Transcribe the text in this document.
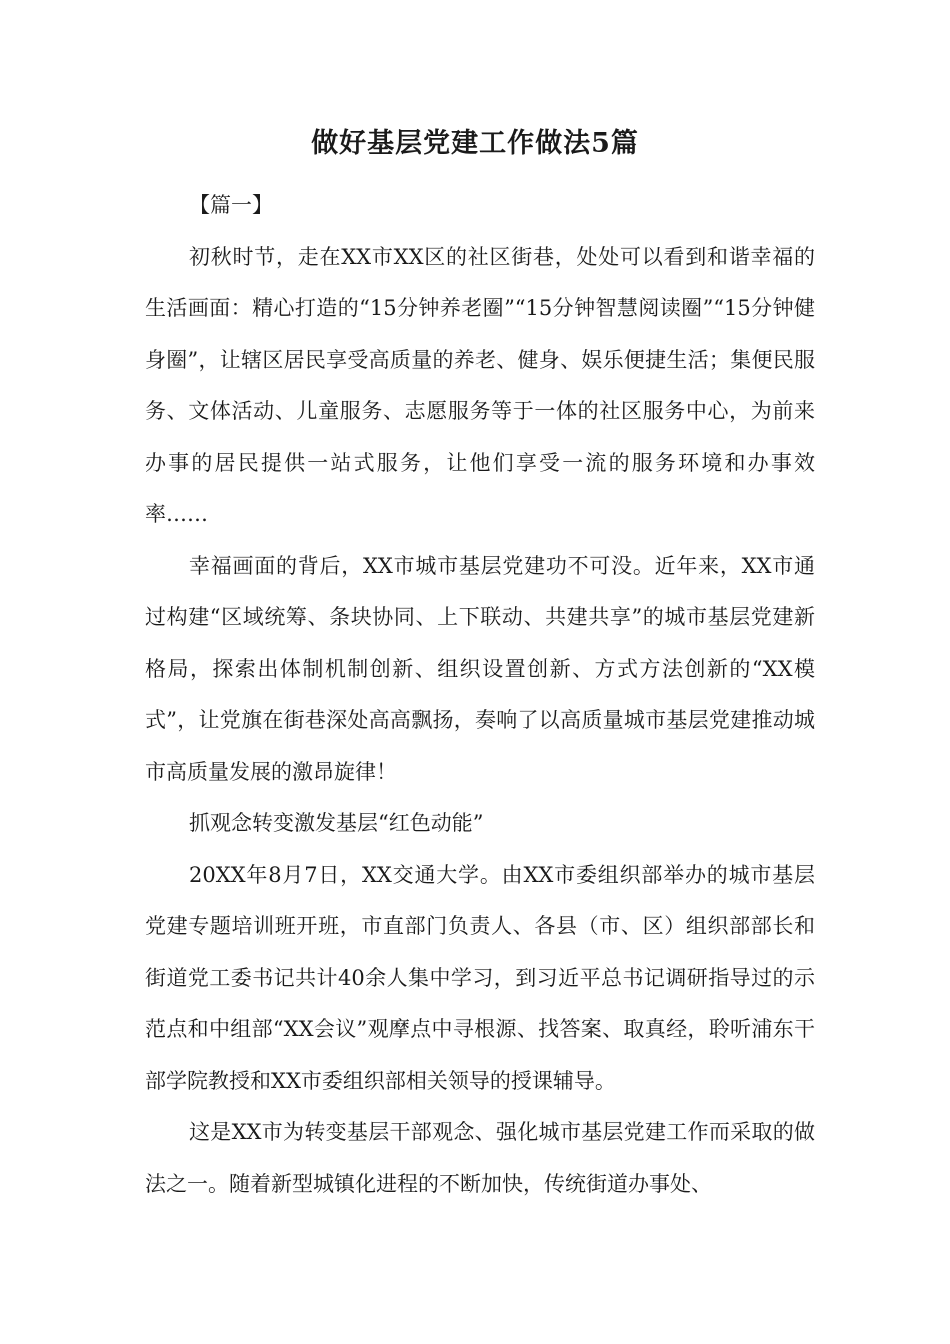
做好基层党建工作做法5篇

【篇一】

初秋时节，走在XX市XX区的社区街巷，处处可以看到和谐幸福的生活画面：精心打造的“15分钟养老圈”“15分钟智慧阅读圈”“15分钟健身圈”，让辖区居民享受高质量的养老、健身、娱乐便捷生活；集便民服务、文体活动、儿童服务、志愿服务等于一体的社区服务中心，为前来办事的居民提供一站式服务，让他们享受一流的服务环境和办事效率……

幸福画面的背后，XX市城市基层党建功不可没。近年来，XX市通过构建“区域统筹、条块协同、上下联动、共建共享”的城市基层党建新格局，探索出体制机制创新、组织设置创新、方式方法创新的“XX模式”，让党旗在街巷深处高高飘扬，奏响了以高质量城市基层党建推动城市高质量发展的激昂旋律！

抓观念转变激发基层“红色动能”

20XX年8月7日，XX交通大学。由XX市委组织部举办的城市基层党建专题培训班开班，市直部门负责人、各县（市、区）组织部部长和街道党工委书记共计40余人集中学习，到习近平总书记调研指导过的示范点和中组部“XX会议”观摩点中寻根源、找答案、取真经，聆听浦东干部学院教授和XX市委组织部相关领导的授课辅导。

这是XX市为转变基层干部观念、强化城市基层党建工作而采取的做法之一。随着新型城镇化进程的不断加快，传统街道办事处、
